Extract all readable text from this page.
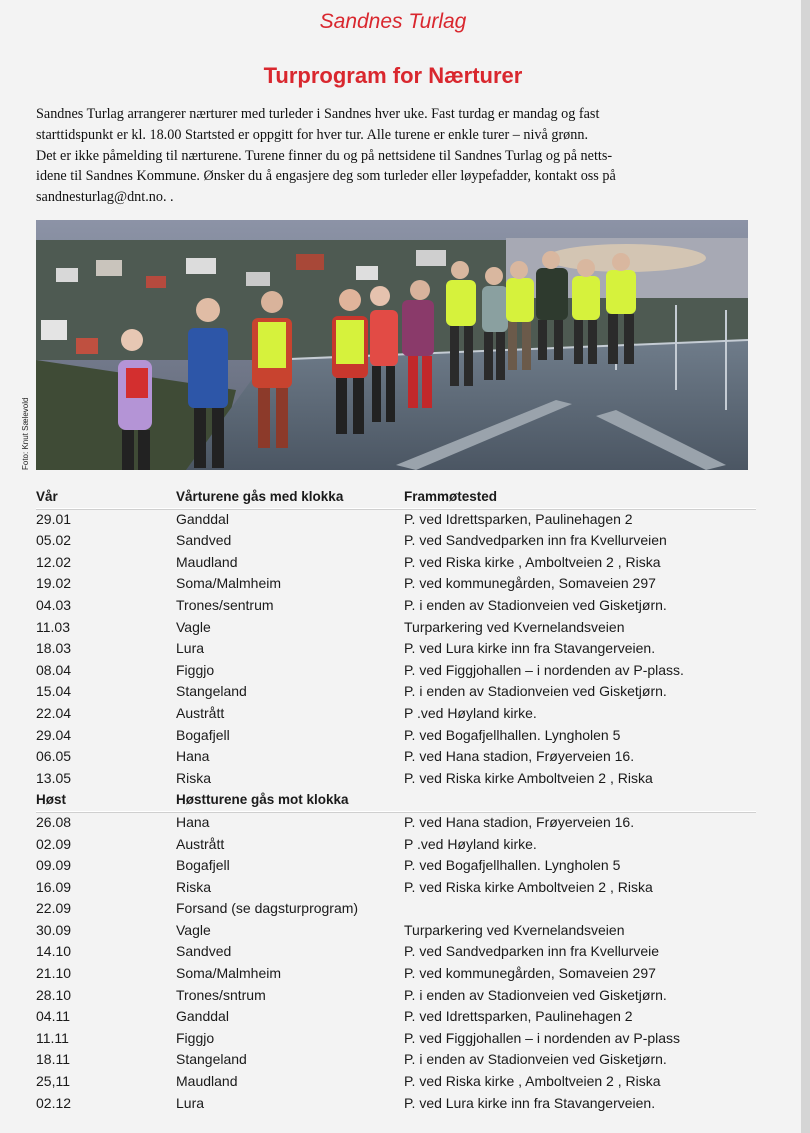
Sandnes Turlag
Turprogram for Nærturer

Sandnes Turlag arrangerer nærturer med turleder i Sandnes hver uke. Fast turdag er mandag og fast

starttidspunkt er kl. 18.00 Startsted er oppgitt for hver tur. Alle turene er enkle turer – nivå grønn.

Det er ikke påmelding til nærturene. Turene finner du og på nettsidene til Sandnes Turlag og på netts-

idene til Sandnes Kommune. Ønsker du å engasjere deg som turleder eller løypefadder, kontakt oss på

sandnesturlag@dnt.no. .

Foto: Knut Sælevold
Vår	Vårturene gås med klokka	Frammøtested
29.01	Ganddal	P. ved Idrettsparken, Paulinehagen 2
05.02	Sandved	P. ved Sandvedparken inn fra Kvellurveien
12.02	Maudland	P. ved Riska kirke , Amboltveien 2 , Riska
19.02	Soma/Malmheim	P. ved kommunegården, Somaveien 297
04.03	Trones/sentrum	P. i enden av Stadionveien ved Gisketjørn.
11.03	Vagle	Turparkering ved Kvernelandsveien
18.03	Lura	P. ved Lura kirke inn fra Stavangerveien.
08.04	Figgjo	P. ved Figgjohallen – i nordenden av P-plass.
15.04	Stangeland	P. i enden av Stadionveien ved Gisketjørn.
22.04	Austrått	P .ved Høyland kirke.
29.04	Bogafjell	P. ved Bogafjellhallen. Lyngholen 5
06.05	Hana	P. ved Hana stadion, Frøyerveien 16.
13.05	Riska	P. ved Riska kirke Amboltveien 2 , Riska
Høst	Høstturene gås mot klokka
26.08	Hana	P. ved Hana stadion, Frøyerveien 16.
02.09	Austrått	P .ved Høyland kirke.
09.09	Bogafjell	P. ved Bogafjellhallen. Lyngholen 5
16.09	Riska	P. ved Riska kirke Amboltveien 2 , Riska
22.09	Forsand (se dagsturprogram)
30.09	Vagle	Turparkering ved Kvernelandsveien
14.10	Sandved	P. ved Sandvedparken inn fra Kvellurveie
21.10	Soma/Malmheim	P. ved kommunegården, Somaveien 297
28.10	Trones/sntrum	P. i enden av Stadionveien ved Gisketjørn.
04.11	Ganddal	P. ved Idrettsparken, Paulinehagen 2
11.11	Figgjo	P. ved Figgjohallen – i nordenden av P-plass
18.11	Stangeland	P. i enden av Stadionveien ved Gisketjørn.
25,11	Maudland	P. ved Riska kirke , Amboltveien 2 , Riska
02.12	Lura	P. ved Lura kirke inn fra Stavangerveien.
